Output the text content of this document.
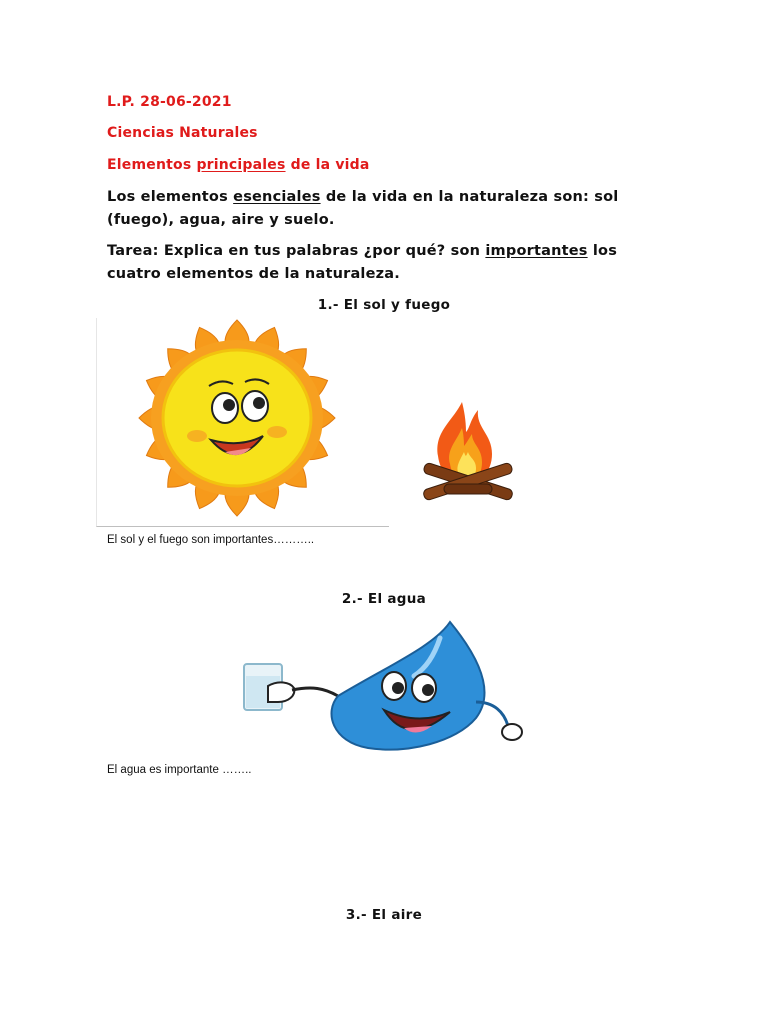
L.P. 28-06-2021
Ciencias Naturales
Elementos principales de la vida
Los elementos esenciales de la vida en la naturaleza son: sol (fuego), agua, aire y suelo.
Tarea: Explica en tus palabras ¿por qué? son importantes los cuatro elementos de la naturaleza.
1.- El sol y fuego
El sol y el fuego son importantes………..
2.- El agua
El agua es importante ……..
3.- El aire
